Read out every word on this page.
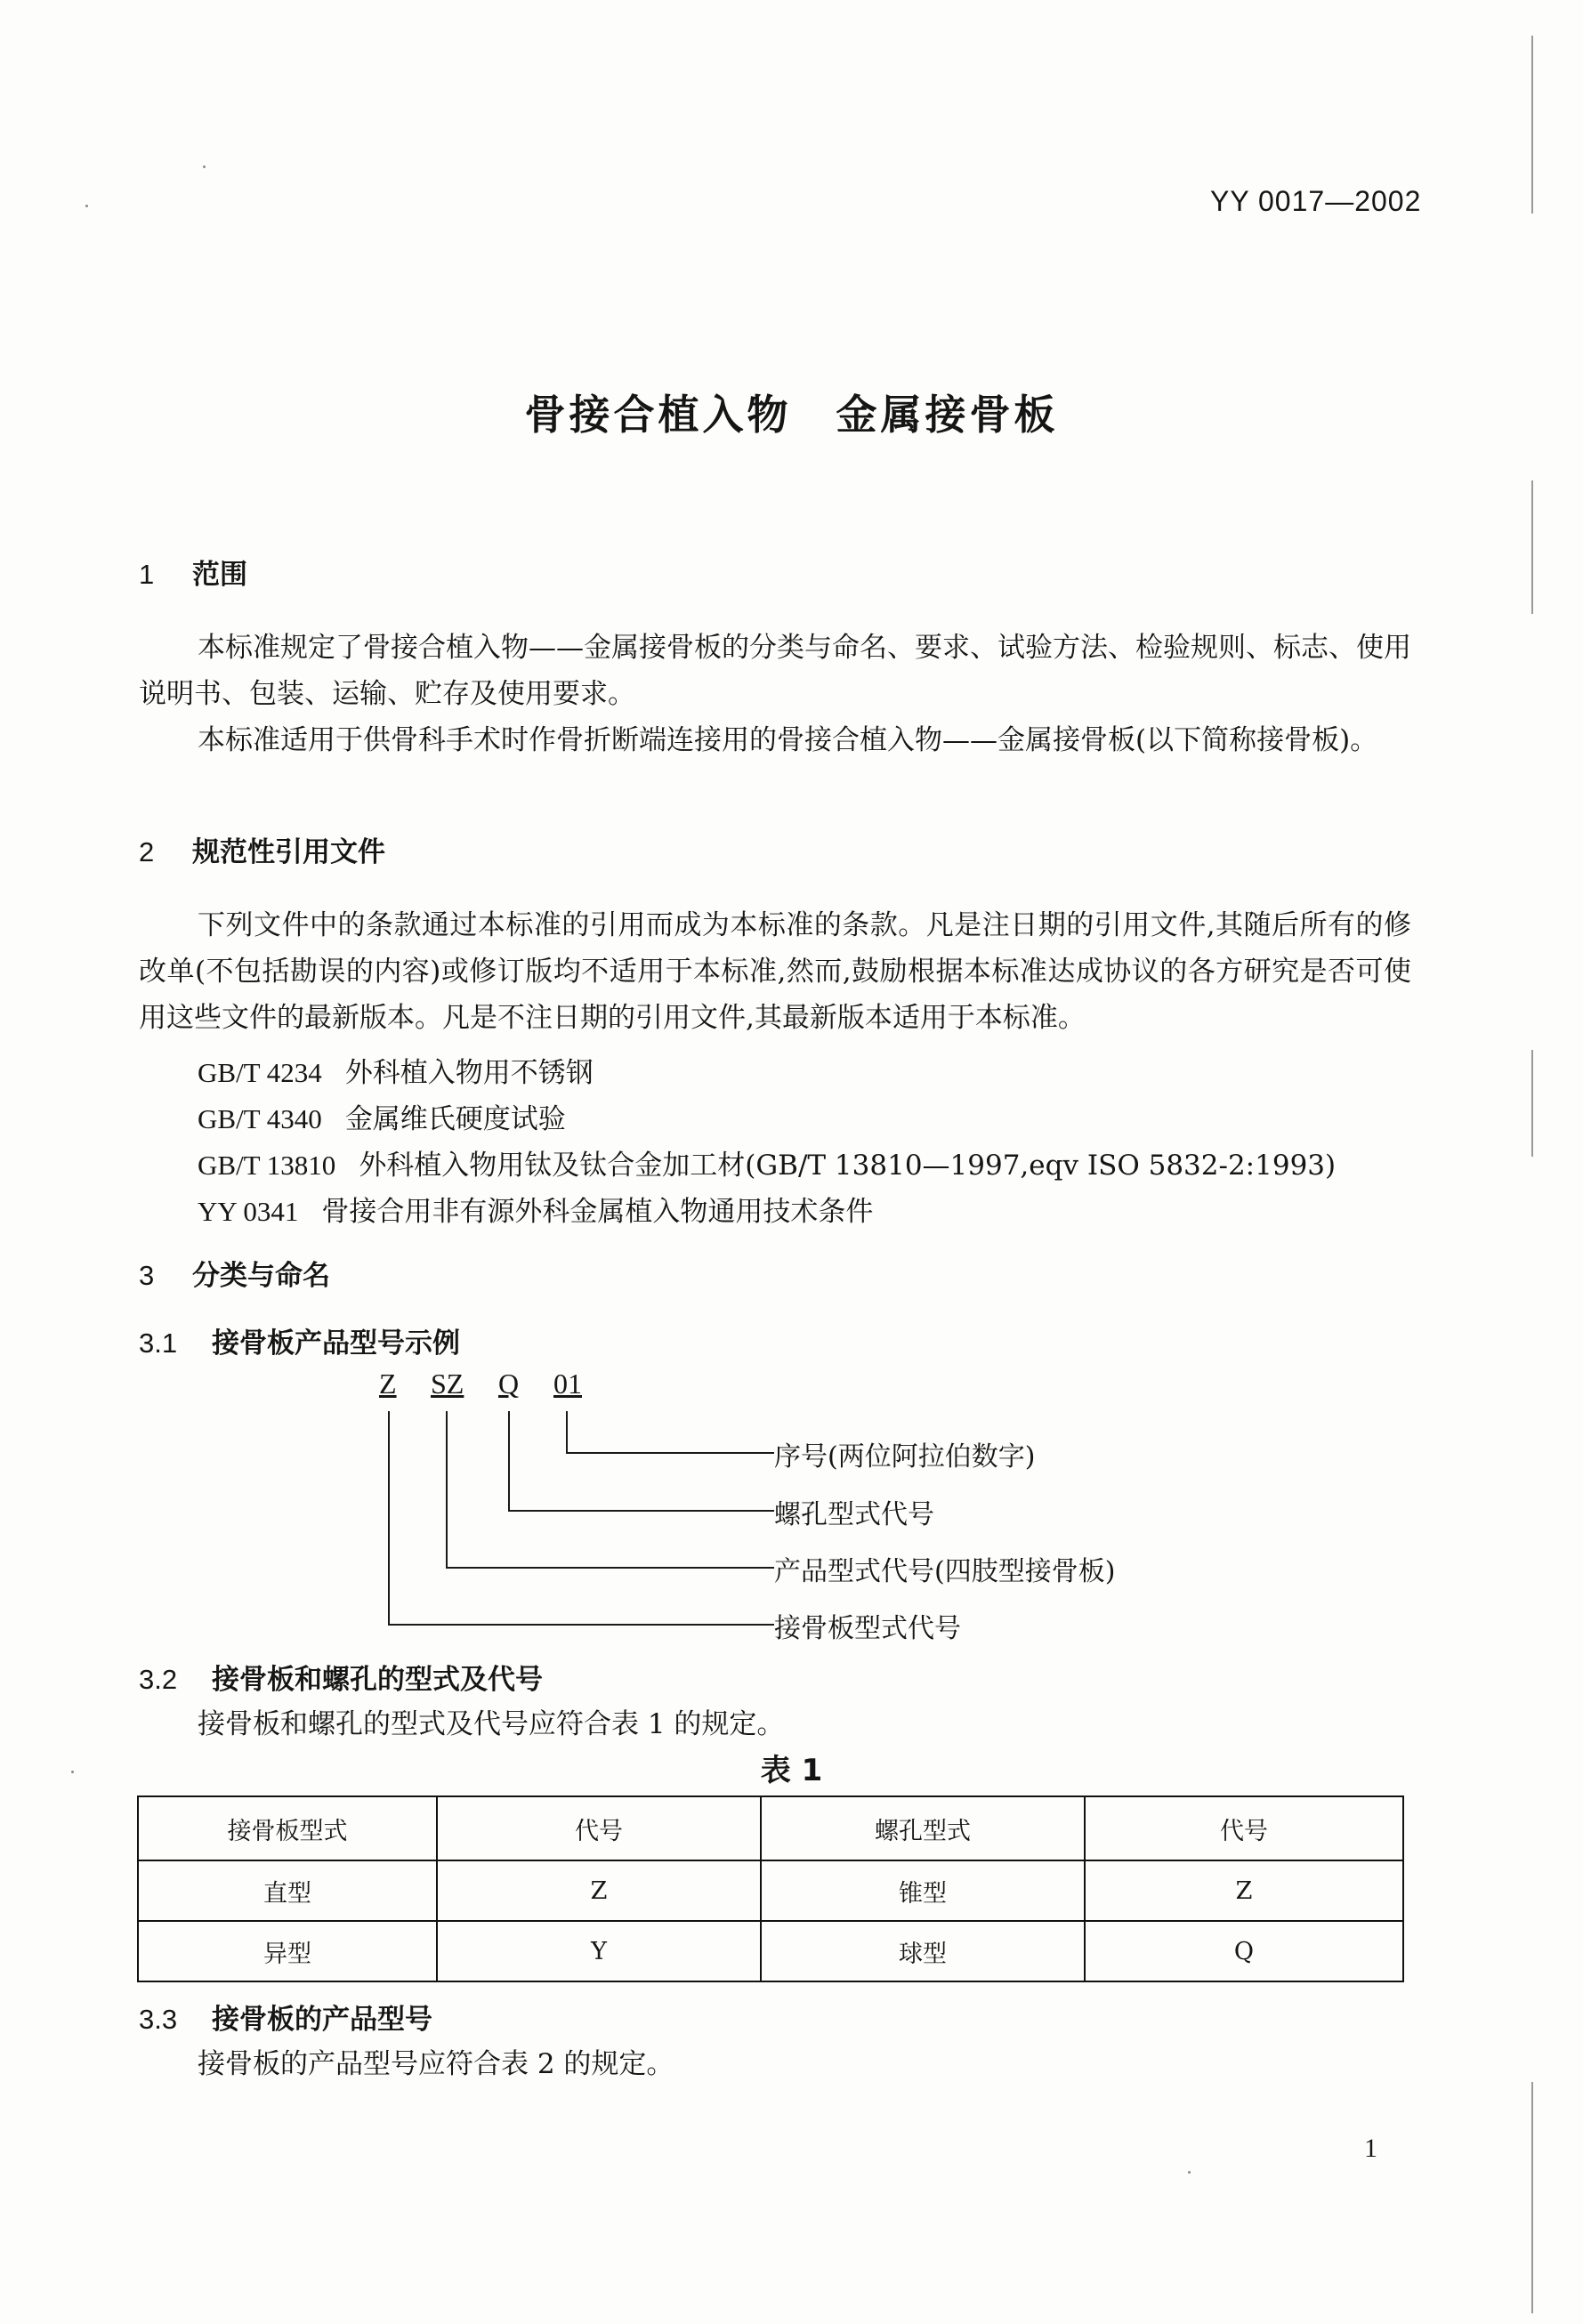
YY 0017—2002
骨接合植入物　金属接骨板
1 范围
本标准规定了骨接合植入物——金属接骨板的分类与命名、要求、试验方法、检验规则、标志、使用说明书、包装、运输、贮存及使用要求。
本标准适用于供骨科手术时作骨折断端连接用的骨接合植入物——金属接骨板(以下简称接骨板)。
2 规范性引用文件
下列文件中的条款通过本标准的引用而成为本标准的条款。凡是注日期的引用文件,其随后所有的修改单(不包括勘误的内容)或修订版均不适用于本标准,然而,鼓励根据本标准达成协议的各方研究是否可使用这些文件的最新版本。凡是不注日期的引用文件,其最新版本适用于本标准。
GB/T 4234 外科植入物用不锈钢
GB/T 4340 金属维氏硬度试验
GB/T 13810 外科植入物用钛及钛合金加工材(GB/T 13810—1997,eqv ISO 5832-2:1993)
YY 0341 骨接合用非有源外科金属植入物通用技术条件
3 分类与命名
3.1 接骨板产品型号示例
Z SZ Q 01
序号(两位阿拉伯数字)
螺孔型式代号
产品型式代号(四肢型接骨板)
接骨板型式代号
3.2 接骨板和螺孔的型式及代号
接骨板和螺孔的型式及代号应符合表 1 的规定。
表 1
接骨板型式	代号	螺孔型式	代号
直型	Z	锥型	Z
异型	Y	球型	Q
3.3 接骨板的产品型号
接骨板的产品型号应符合表 2 的规定。
1
